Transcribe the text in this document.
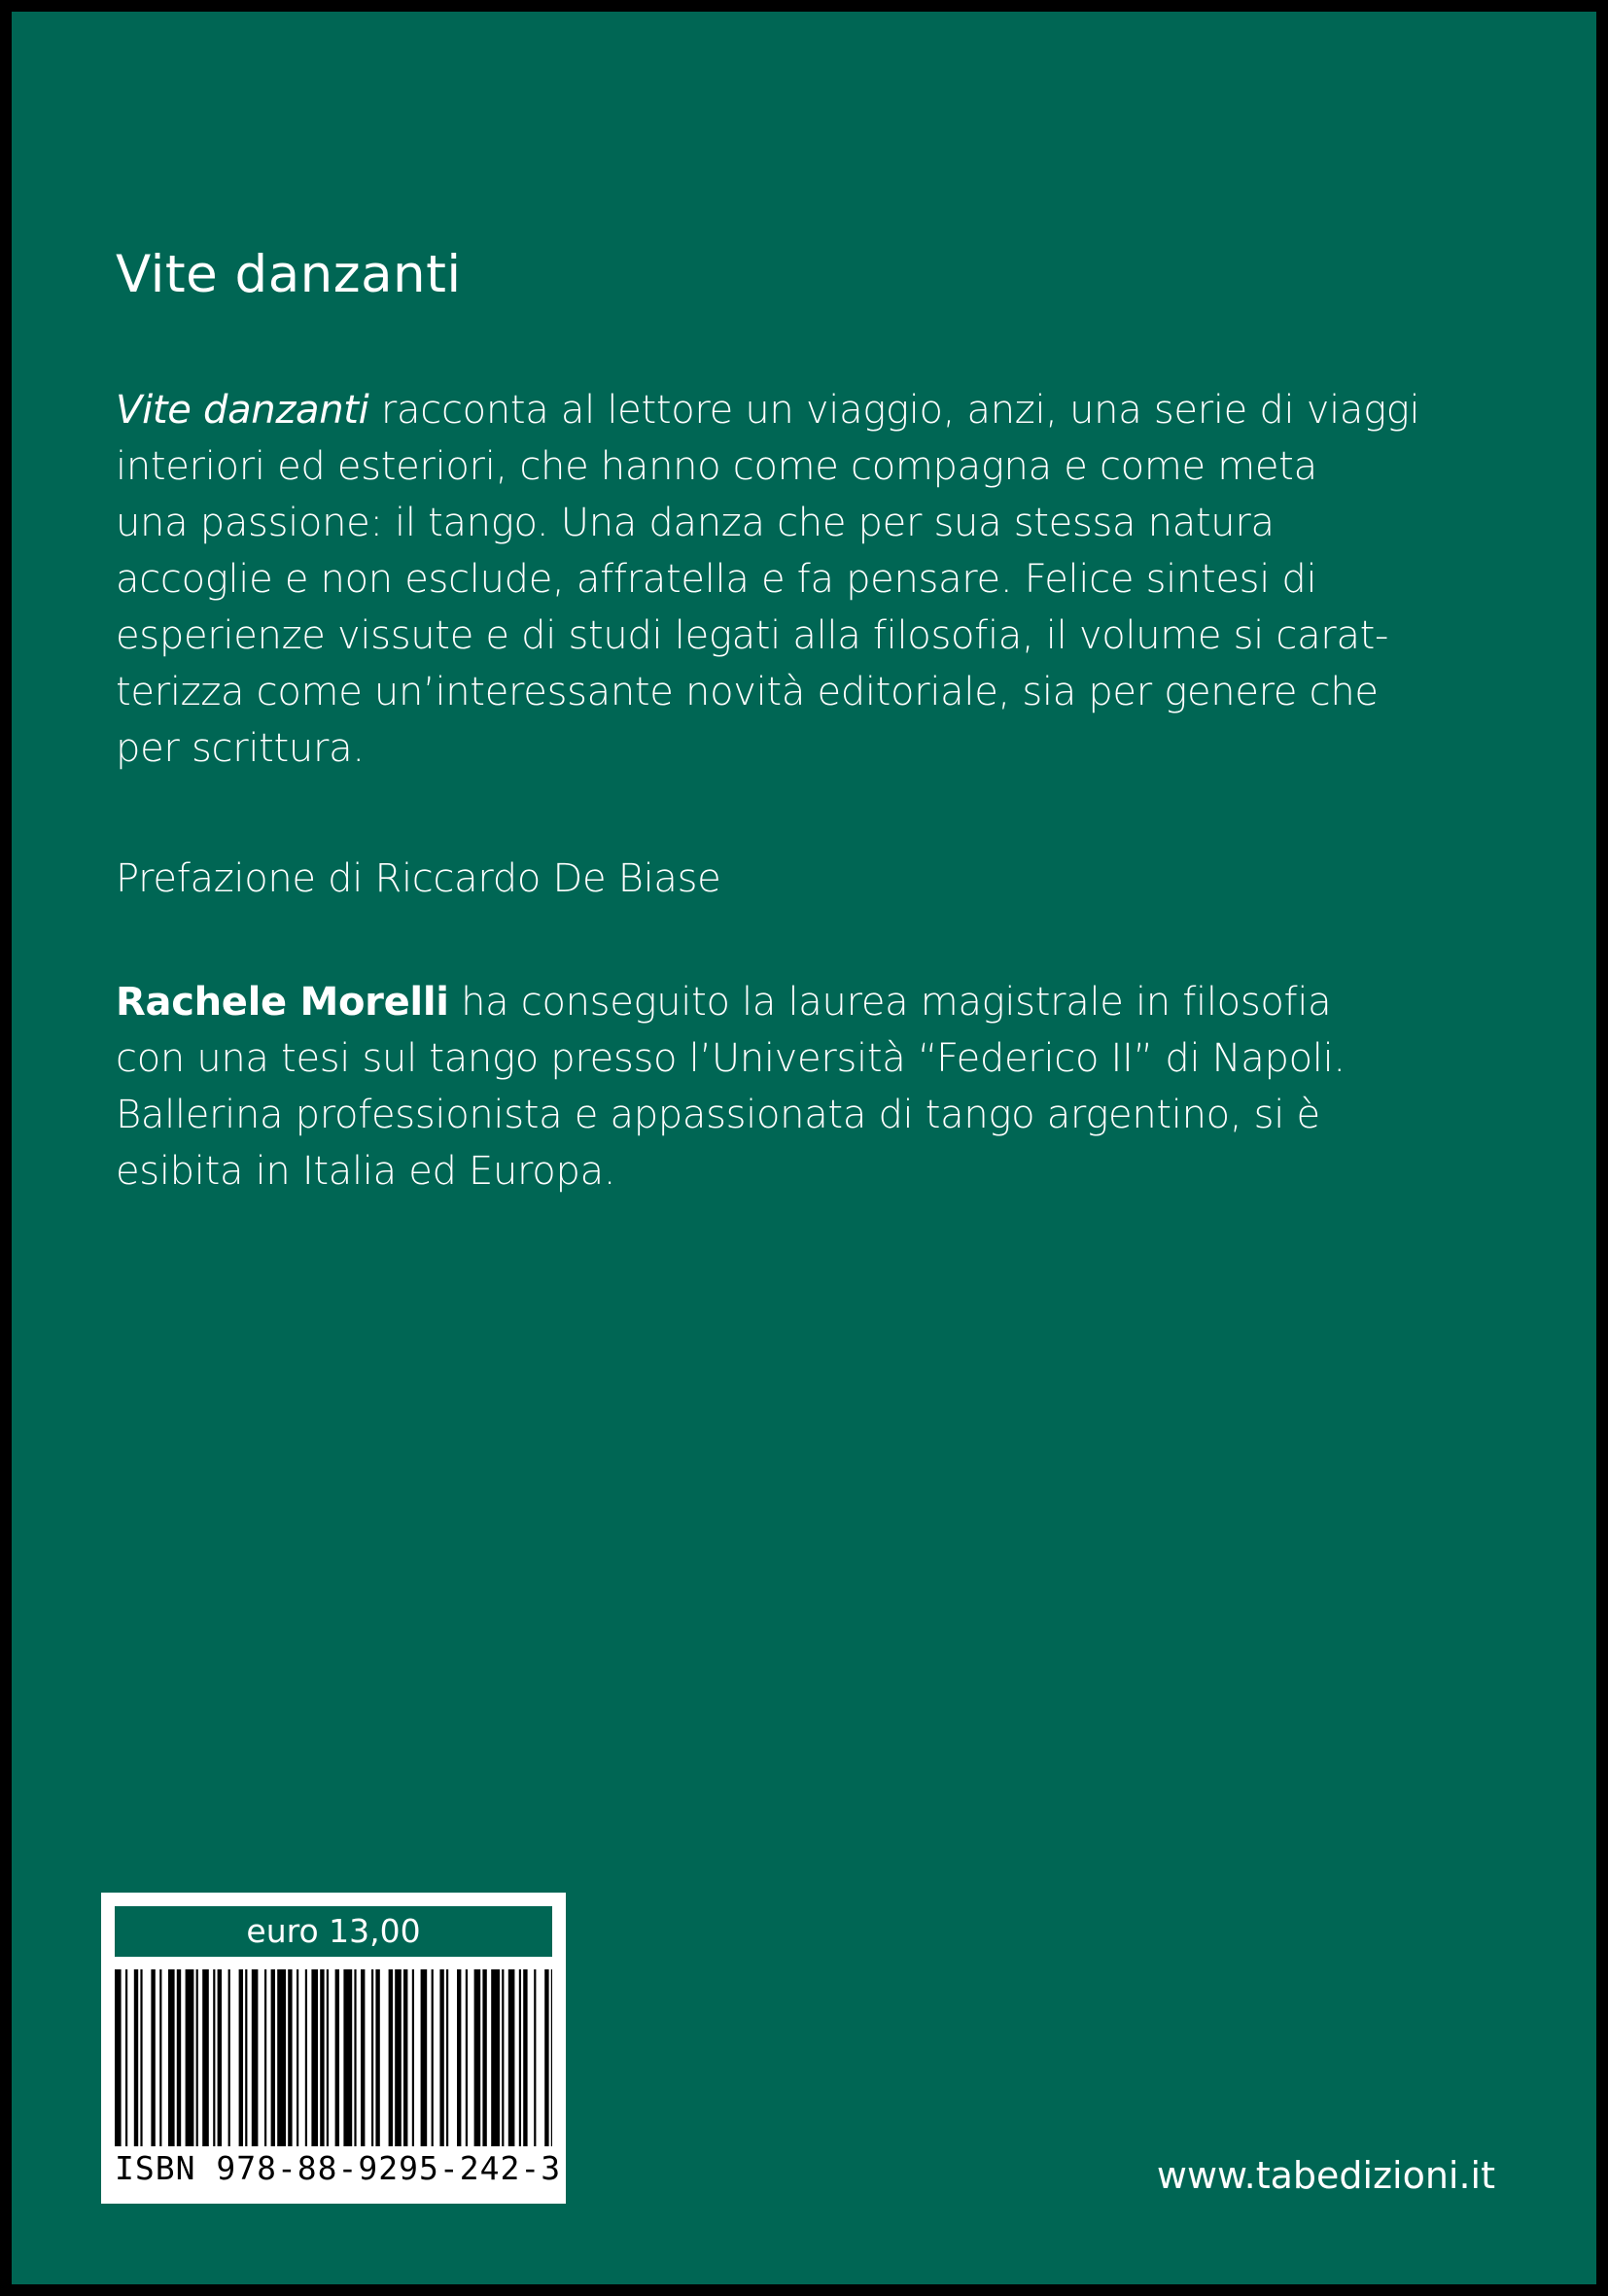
Vite danzanti

Vite danzanti racconta al lettore un viaggio, anzi, una serie di viaggi
interiori ed esteriori, che hanno come compagna e come meta
una passione: il tango. Una danza che per sua stessa natura
accoglie e non esclude, affratella e fa pensare. Felice sintesi di
esperienze vissute e di studi legati alla filosofia, il volume si carat-
terizza come un’interessante novità editoriale, sia per genere che
per scrittura.

Prefazione di Riccardo De Biase

Rachele Morelli ha conseguito la laurea magistrale in filosofia
con una tesi sul tango presso l’Università “Federico II” di Napoli.
Ballerina professionista e appassionata di tango argentino, si è
esibita in Italia ed Europa.

euro 13,00
ISBN 978-88-9295-242-3	www.tabedizioni.it
